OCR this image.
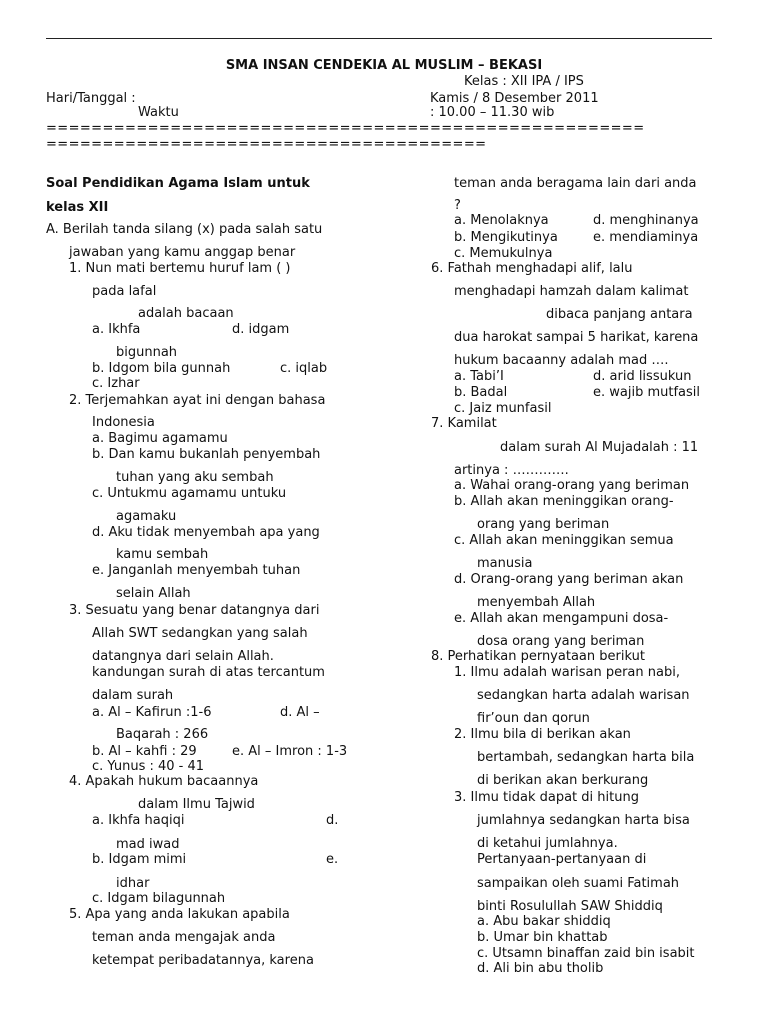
SMA INSAN CENDEKIA AL MUSLIM – BEKASI
Kelas : XII IPA / IPS
Hari/Tanggal :	Kamis / 8 Desember 2011
Waktu	: 10.00 – 11.30 wib
=====================================================
=======================================
Soal Pendidikan Agama Islam untuk
kelas XII
A. Berilah tanda silang (x) pada salah satu
jawaban yang kamu anggap benar
1. Nun mati bertemu huruf lam ( )
pada lafal
adalah bacaan
a. Ikhfa	d. idgam
bigunnah
b. Idgom bila gunnah	c. iqlab
c. Izhar
2. Terjemahkan ayat ini dengan bahasa
Indonesia
a. Bagimu agamamu
b. Dan kamu bukanlah penyembah
tuhan yang aku sembah
c. Untukmu agamamu untuku
agamaku
d. Aku tidak menyembah apa yang
kamu sembah
e. Janganlah menyembah tuhan
selain Allah
3. Sesuatu yang benar datangnya dari
Allah SWT sedangkan yang salah
datangnya dari selain Allah.
kandungan surah di atas tercantum
dalam surah
a. Al – Kafirun :1-6	d. Al –
Baqarah : 266
b. Al – kahfi : 29	e. Al – Imron : 1-3
c. Yunus : 40 - 41
4. Apakah hukum bacaannya
dalam Ilmu Tajwid
a. Ikhfa haqiqi	d.
mad iwad
b. Idgam mimi	e.
idhar
c. Idgam bilagunnah
5. Apa yang anda lakukan apabila
teman anda mengajak anda
ketempat peribadatannya, karena
teman anda beragama lain dari anda
?
a. Menolaknya	d. menghinanya
b. Mengikutinya	e. mendiaminya
c. Memukulnya
6. Fathah menghadapi alif, lalu
menghadapi hamzah dalam kalimat
dibaca panjang antara
dua harokat sampai 5 harikat, karena
hukum bacaanny adalah mad ….
a. Tabi’I	d. arid lissukun
b. Badal	e. wajib mutfasil
c. Jaiz munfasil
7. Kamilat
dalam surah Al Mujadalah : 11
artinya : ………….
a. Wahai orang-orang yang beriman
b. Allah akan meninggikan orang-
orang yang beriman
c. Allah akan meninggikan semua
manusia
d. Orang-orang yang beriman akan
menyembah Allah
e. Allah akan mengampuni dosa-
dosa orang yang beriman
8. Perhatikan pernyataan berikut
1. Ilmu adalah warisan peran nabi,
sedangkan harta adalah warisan
fir’oun dan qorun
2. Ilmu bila di berikan akan
bertambah, sedangkan harta bila
di berikan akan berkurang
3. Ilmu tidak dapat di hitung
jumlahnya sedangkan harta bisa
di ketahui jumlahnya.
Pertanyaan-pertanyaan di
sampaikan oleh suami Fatimah
binti Rosulullah SAW Shiddiq
a. Abu bakar shiddiq
b. Umar bin khattab
c. Utsamn binaffan zaid bin isabit
d. Ali bin abu tholib
